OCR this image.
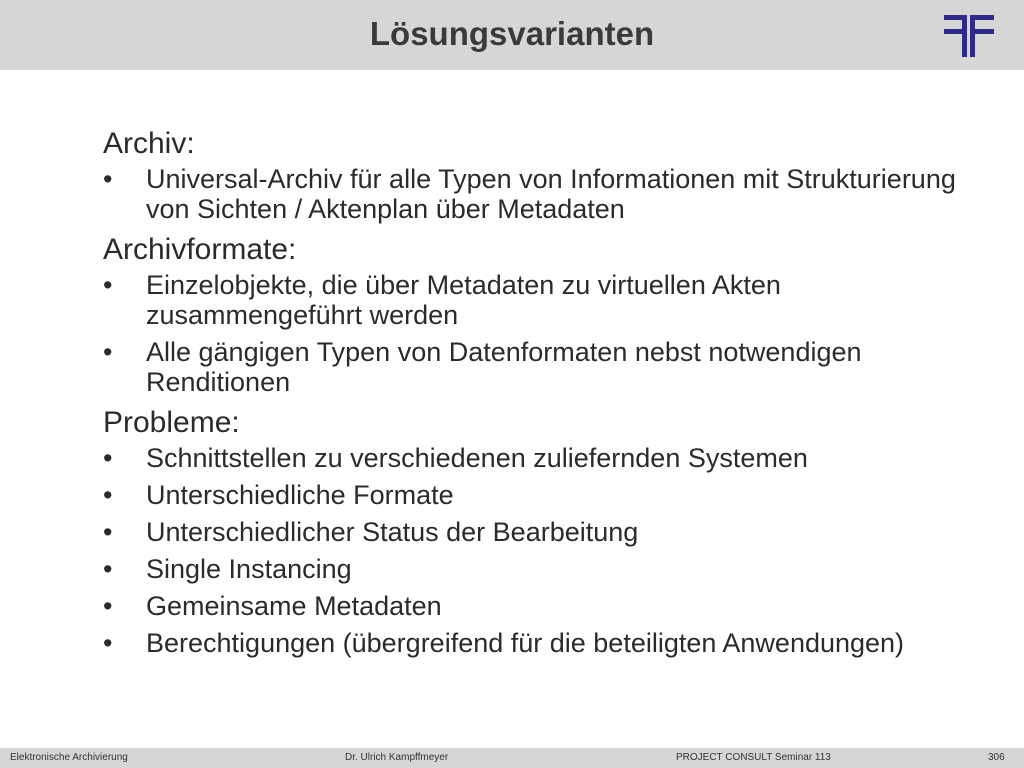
Lösungsvarianten
Archiv:
•	Universal-Archiv für alle Typen von Informationen mit Strukturierung von Sichten / Aktenplan über Metadaten
Archivformate:
•	Einzelobjekte, die über Metadaten zu virtuellen Akten zusammengeführt werden
•	Alle gängigen Typen von Datenformaten nebst notwendigen Renditionen
Probleme:
•	Schnittstellen zu verschiedenen zuliefernden Systemen
•	Unterschiedliche Formate
•	Unterschiedlicher Status der Bearbeitung
•	Single Instancing
•	Gemeinsame Metadaten
•	Berechtigungen (übergreifend für die beteiligten Anwendungen)
Elektronische Archivierung	Dr. Ulrich Kampffmeyer	PROJECT CONSULT Seminar 113	306
